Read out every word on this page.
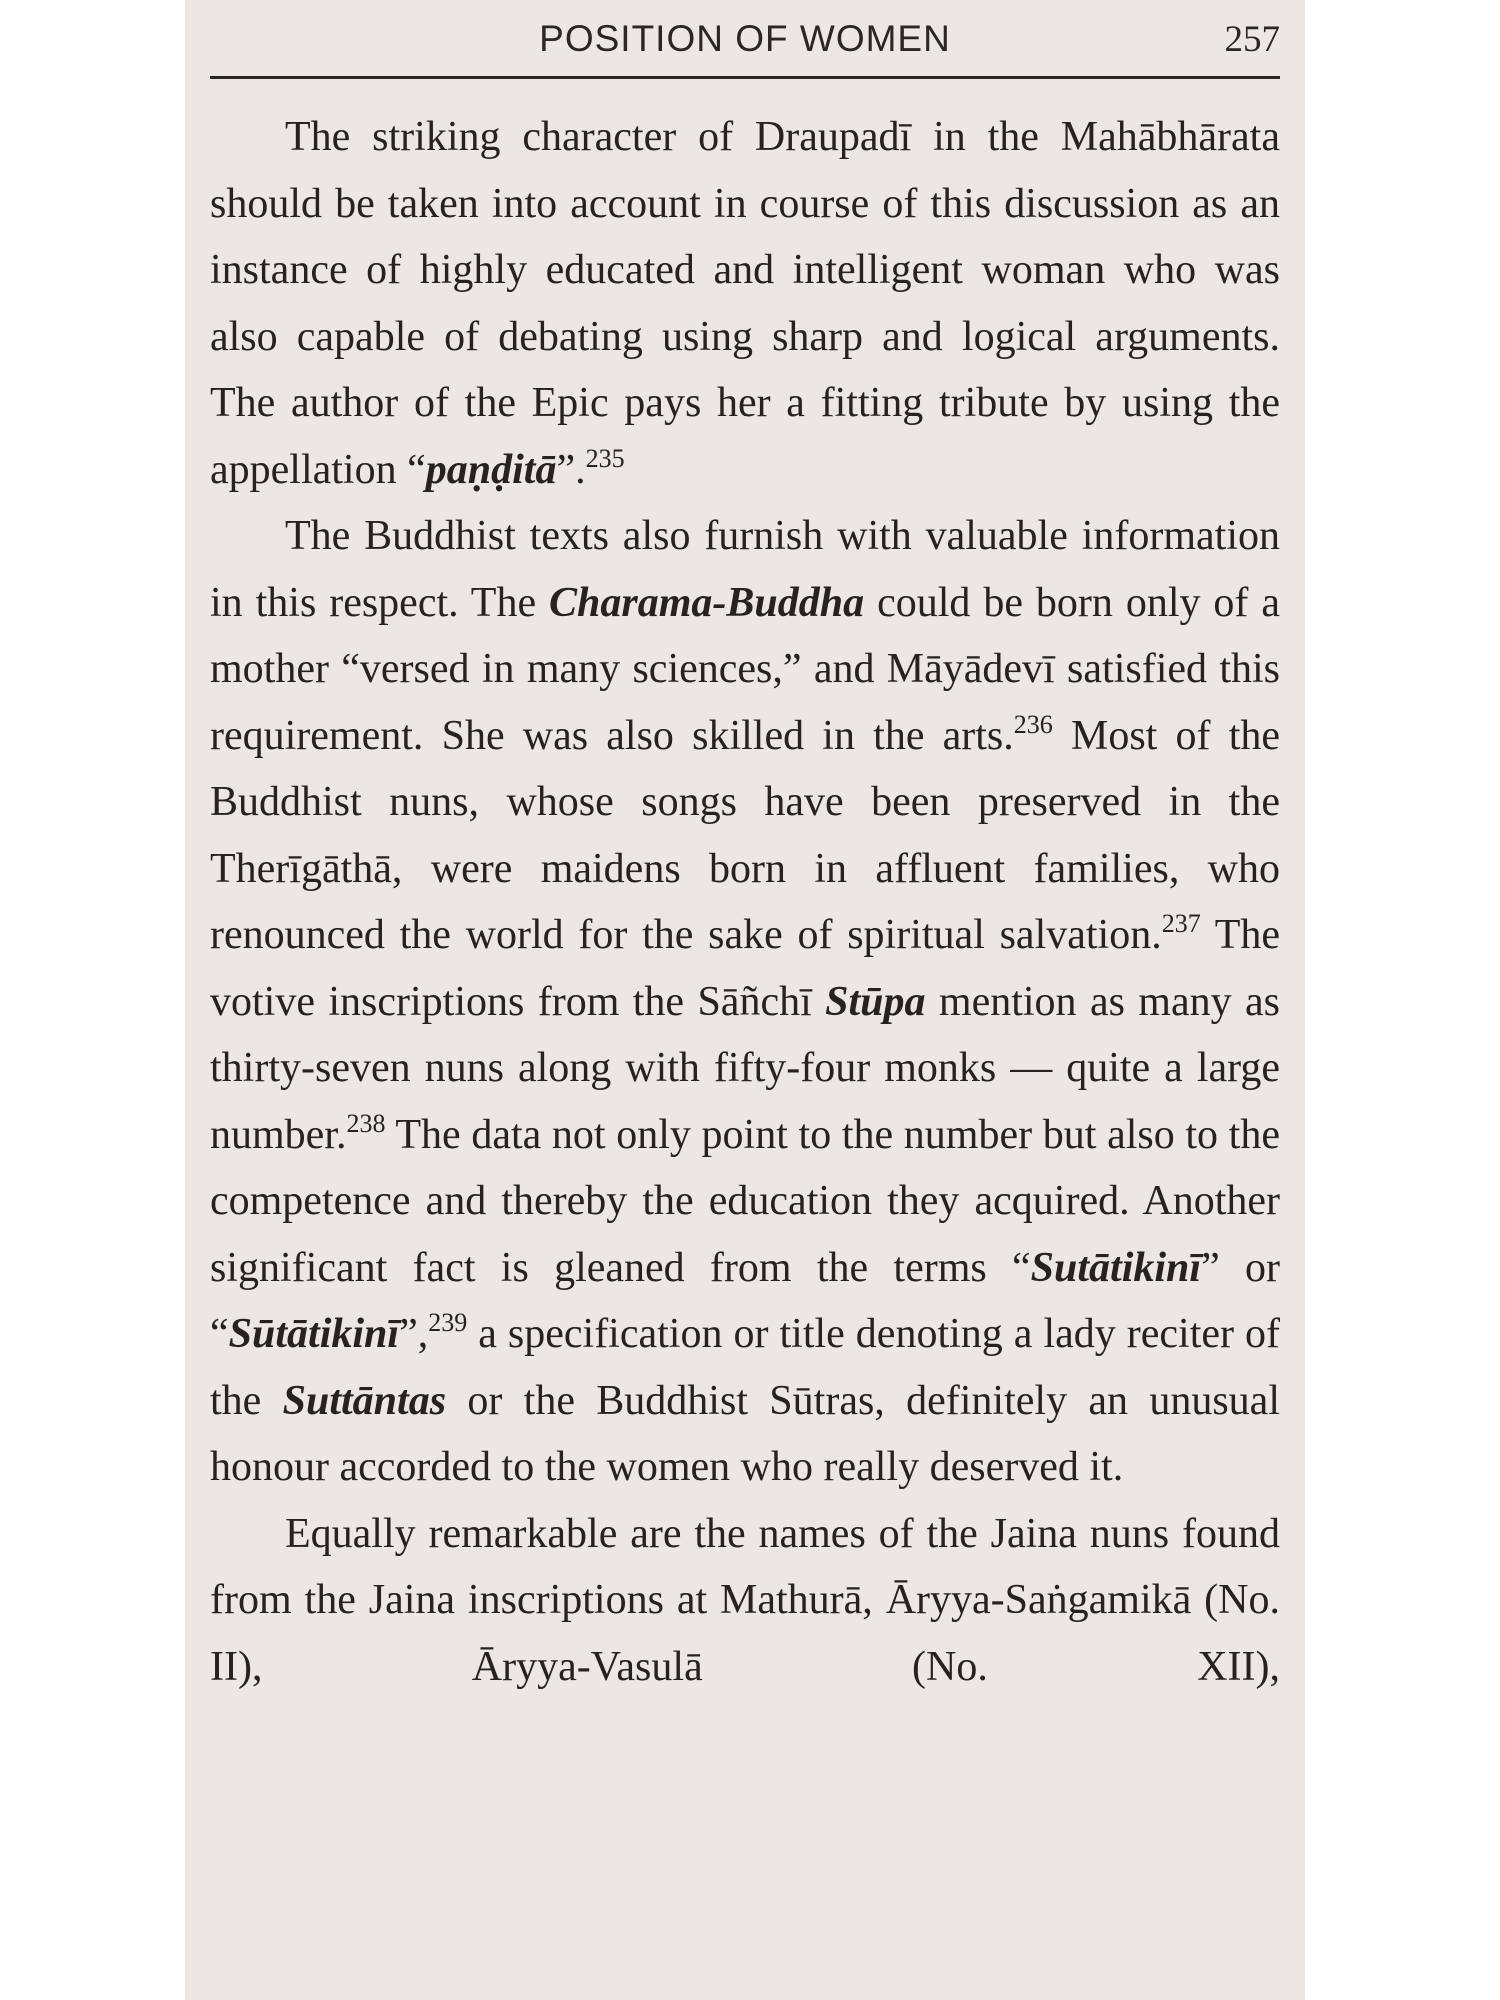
POSITION OF WOMEN	257

The striking character of Draupadī in the Mahābhārata should be taken into account in course of this discussion as an instance of highly educated and intelligent woman who was also capable of debating using sharp and logical arguments. The author of the Epic pays her a fitting tribute by using the appellation “paṇḍitā”.$^{235}$

The Buddhist texts also furnish with valuable information in this respect. The Charama-Buddha could be born only of a mother “versed in many sciences,” and Māyādevī satisfied this requirement. She was also skilled in the arts.$^{236}$ Most of the Buddhist nuns, whose songs have been preserved in the Therīgāthā, were maidens born in affluent families, who renounced the world for the sake of spiritual salvation.$^{237}$ The votive inscriptions from the Sāñchī Stūpa mention as many as thirty-seven nuns along with fifty-four monks — quite a large number.$^{238}$ The data not only point to the number but also to the competence and thereby the education they acquired. Another significant fact is gleaned from the terms “Sutātikinī” or “Sūtātikinī”,$^{239}$ a specification or title denoting a lady reciter of the Suttāntas or the Buddhist Sūtras, definitely an unusual honour accorded to the women who really deserved it.

Equally remarkable are the names of the Jaina nuns found from the Jaina inscriptions at Mathurā, Āryya-Saṅgamikā (No. II), Āryya-Vasulā (No. XII),
